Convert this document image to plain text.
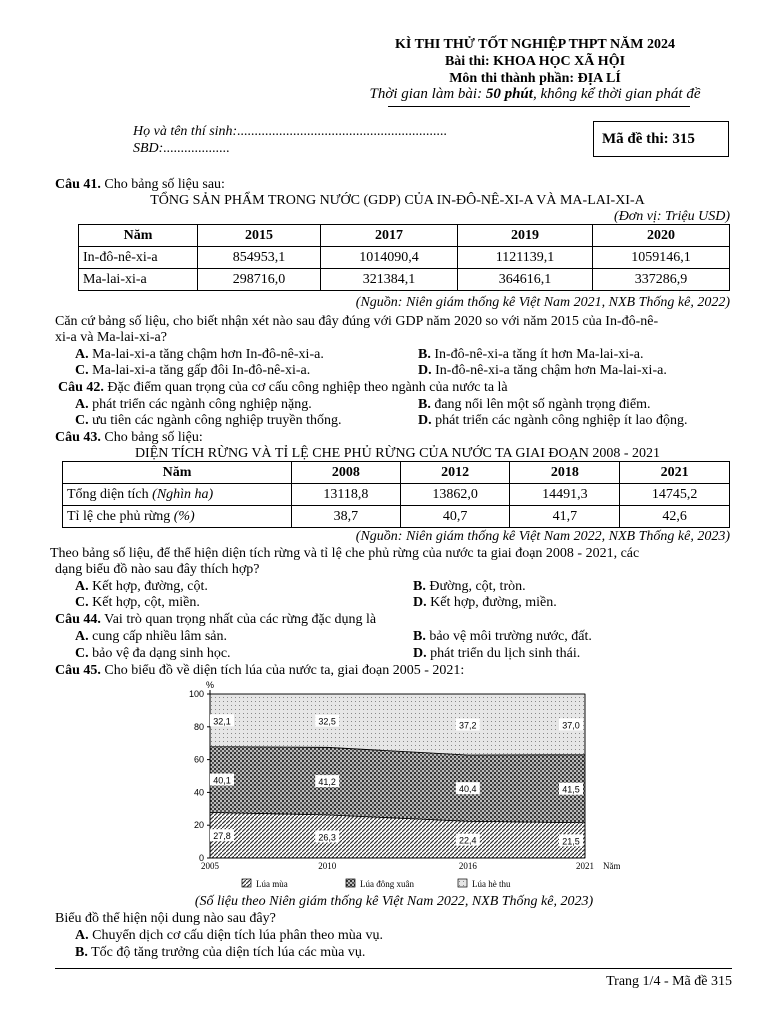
KÌ THI THỬ TỐT NGHIỆP THPT NĂM 2024
Bài thi: KHOA HỌC XÃ HỘI
Môn thi thành phần: ĐỊA LÍ
Thời gian làm bài: 50 phút, không kể thời gian phát đề
Họ và tên thí sinh:............................................................
SBD:...................
Mã đề thi: 315
Câu 41. Cho bảng số liệu sau:
TỔNG SẢN PHẨM TRONG NƯỚC (GDP) CỦA IN-ĐÔ-NÊ-XI-A VÀ MA-LAI-XI-A
(Đơn vị: Triệu USD)
Năm	2015	2017	2019	2020
In-đô-nê-xi-a	854953,1	1014090,4	1121139,1	1059146,1
Ma-lai-xi-a	298716,0	321384,1	364616,1	337286,9
(Nguồn: Niên giám thống kê Việt Nam 2021, NXB Thống kê, 2022)
Căn cứ bảng số liệu, cho biết nhận xét nào sau đây đúng với GDP năm 2020 so với năm 2015 của In-đô-nê-
xi-a và Ma-lai-xi-a?
A. Ma-lai-xi-a tăng chậm hơn In-đô-nê-xi-a.	B. In-đô-nê-xi-a tăng ít hơn Ma-lai-xi-a.
C. Ma-lai-xi-a tăng gấp đôi In-đô-nê-xi-a.	D. In-đô-nê-xi-a tăng chậm hơn Ma-lai-xi-a.
Câu 42. Đặc điểm quan trọng của cơ cấu công nghiệp theo ngành của nước ta là
A. phát triển các ngành công nghiệp nặng.	B. đang nổi lên một số ngành trọng điểm.
C. ưu tiên các ngành công nghiệp truyền thống.	D. phát triển các ngành công nghiệp ít lao động.
Câu 43. Cho bảng số liệu:
DIỆN TÍCH RỪNG VÀ TỈ LỆ CHE PHỦ RỪNG CỦA NƯỚC TA GIAI ĐOẠN 2008 - 2021
Năm	2008	2012	2018	2021
Tổng diện tích (Nghìn ha)	13118,8	13862,0	14491,3	14745,2
Tỉ lệ che phủ rừng (%)	38,7	40,7	41,7	42,6
(Nguồn: Niên giám thống kê Việt Nam 2022, NXB Thống kê, 2023)
Theo bảng số liệu, để thể hiện diện tích rừng và tỉ lệ che phủ rừng của nước ta giai đoạn 2008 - 2021, các
dạng biểu đồ nào sau đây thích hợp?
A. Kết hợp, đường, cột.	B. Đường, cột, tròn.
C. Kết hợp, cột, miền.	D. Kết hợp, đường, miền.
Câu 44. Vai trò quan trọng nhất của các rừng đặc dụng là
A. cung cấp nhiều lâm sản.	B. bảo vệ môi trường nước, đất.
C. bảo vệ đa dạng sinh học.	D. phát triển du lịch sinh thái.
Câu 45. Cho biểu đồ về diện tích lúa của nước ta, giai đoạn 2005 - 2021:
0
20
40
60
80
100
%
2005	2010	2016	2021 Năm
27,8	26,3	22,4	21,5
40,1	41,2
40,4	41,5
32,1	32,5	37,2	37,0
Lúa mùa	Lúa đông xuân	Lúa hè thu
(Số liệu theo Niên giám thống kê Việt Nam 2022, NXB Thống kê, 2023)
Biểu đồ thể hiện nội dung nào sau đây?
A. Chuyển dịch cơ cấu diện tích lúa phân theo mùa vụ.
B. Tốc độ tăng trưởng của diện tích lúa các mùa vụ.
Trang 1/4 - Mã đề 315
